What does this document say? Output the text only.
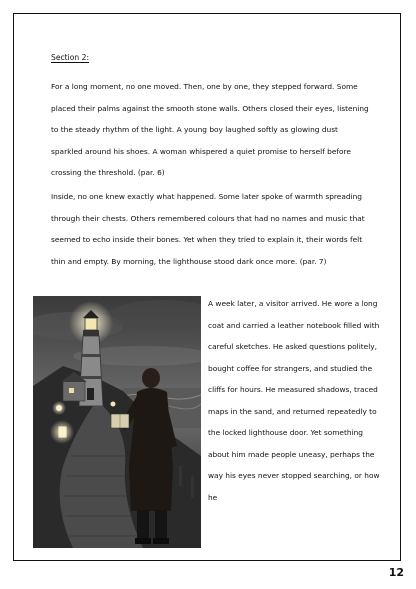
Section 2:

For a long moment, no one moved. Then, one by one, they stepped forward. Some placed their palms against the smooth stone walls. Others closed their eyes, listening to the steady rhythm of the light. A young boy laughed softly as glowing dust sparkled around his shoes. A woman whispered a quiet promise to herself before crossing the threshold. (par. 6)

Inside, no one knew exactly what happened. Some later spoke of warmth spreading through their chests. Others remembered colours that had no names and music that seemed to echo inside their bones. Yet when they tried to explain it, their words felt thin and empty. By morning, the lighthouse stood dark once more. (par. 7)

A week later, a visitor arrived. He wore a long coat and carried a leather notebook filled with careful sketches. He asked questions politely, bought coffee for strangers, and studied the cliffs for hours. He measured shadows, traced maps in the sand, and returned repeatedly to the locked lighthouse door. Yet something about him made people uneasy, perhaps the way his eyes never stopped searching, or how he

12
